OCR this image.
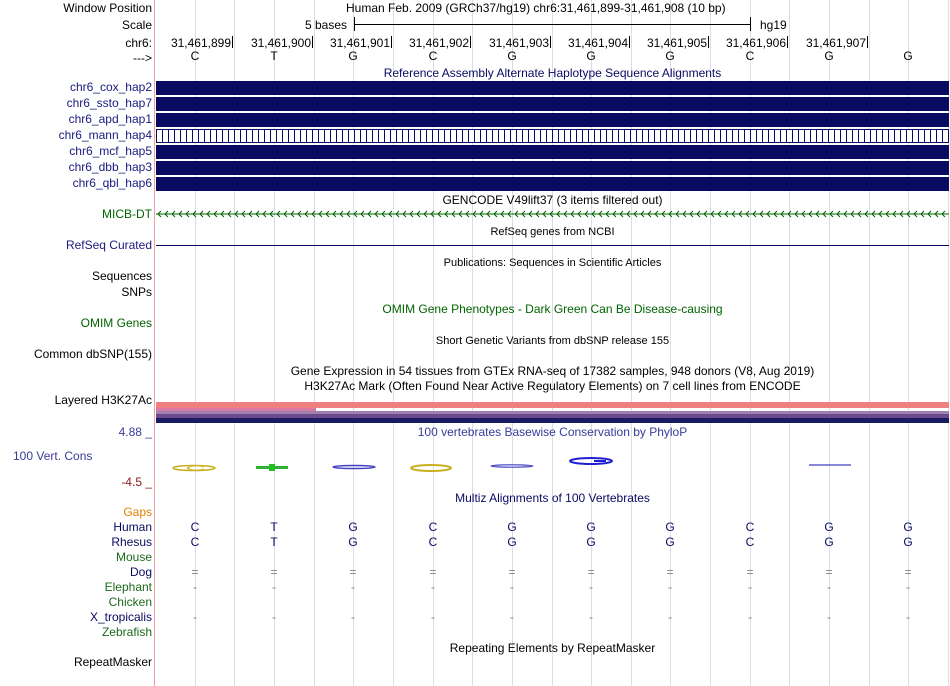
Window Position	Human Feb. 2009 (GRCh37/hg19) chr6:31,461,899-31,461,908 (10 bp)
Scale	5 bases	hg19
chr6:	31,461,899	31,461,900	31,461,901	31,461,902	31,461,903	31,461,904	31,461,905	31,461,906	31,461,907
--->	C	T	G	C	G	G	G	C	G	G
Reference Assembly Alternate Haplotype Sequence Alignments
chr6_cox_hap2
chr6_ssto_hap7
chr6_apd_hap1
chr6_mann_hap4
chr6_mcf_hap5
chr6_dbb_hap3
chr6_qbl_hap6
GENCODE V49lift37 (3 items filtered out)
MICB-DT
RefSeq genes from NCBI
RefSeq Curated
Publications: Sequences in Scientific Articles
Sequences
SNPs
OMIM Gene Phenotypes - Dark Green Can Be Disease-causing
OMIM Genes
Short Genetic Variants from dbSNP release 155
Common dbSNP(155)
Gene Expression in 54 tissues from GTEx RNA-seq of 17382 samples, 948 donors (V8, Aug 2019)
H3K27Ac Mark (Often Found Near Active Regulatory Elements) on 7 cell lines from ENCODE
Layered H3K27Ac
100 vertebrates Basewise Conservation by PhyloP
4.88 _
100 Vert. Cons
-4.5 _
C
Multiz Alignments of 100 Vertebrates
Gaps
Human	C	T	G	C	G	G	G	C	G	G
Rhesus	C	T	G	C	G	G	G	C	G	G
Mouse
Dog	=	=	=	=	=	=	=	=	=	=
Elephant	-	-	-	-	-	-	-	-	-	-
Chicken
X_tropicalis	-	-	-	-	-	-	-	-	-	-
Zebrafish
Repeating Elements by RepeatMasker
RepeatMasker
